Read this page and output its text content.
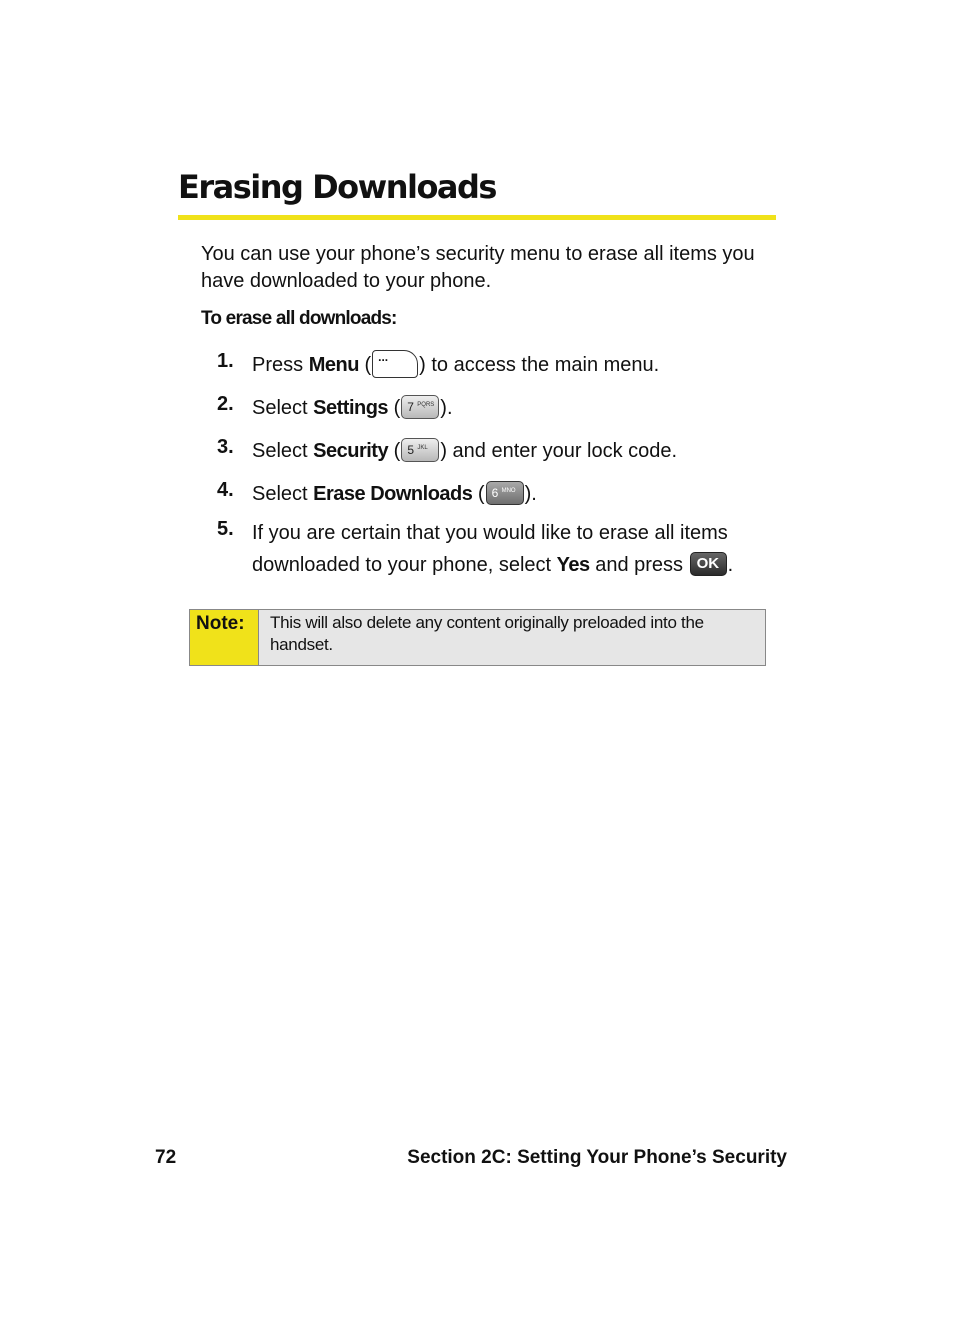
Erasing Downloads

You can use your phone’s security menu to erase all items you have downloaded to your phone.

To erase all downloads:

1. Press Menu ( ... ) to access the main menu.
2. Select Settings ( 7 PQRS ).
3. Select Security ( 5 JKL ) and enter your lock code.
4. Select Erase Downloads ( 6 MNO ).
5. If you are certain that you would like to erase all items downloaded to your phone, select Yes and press OK .
Note:	This will also delete any content originally preloaded into the handset.
72	Section 2C: Setting Your Phone’s Security
